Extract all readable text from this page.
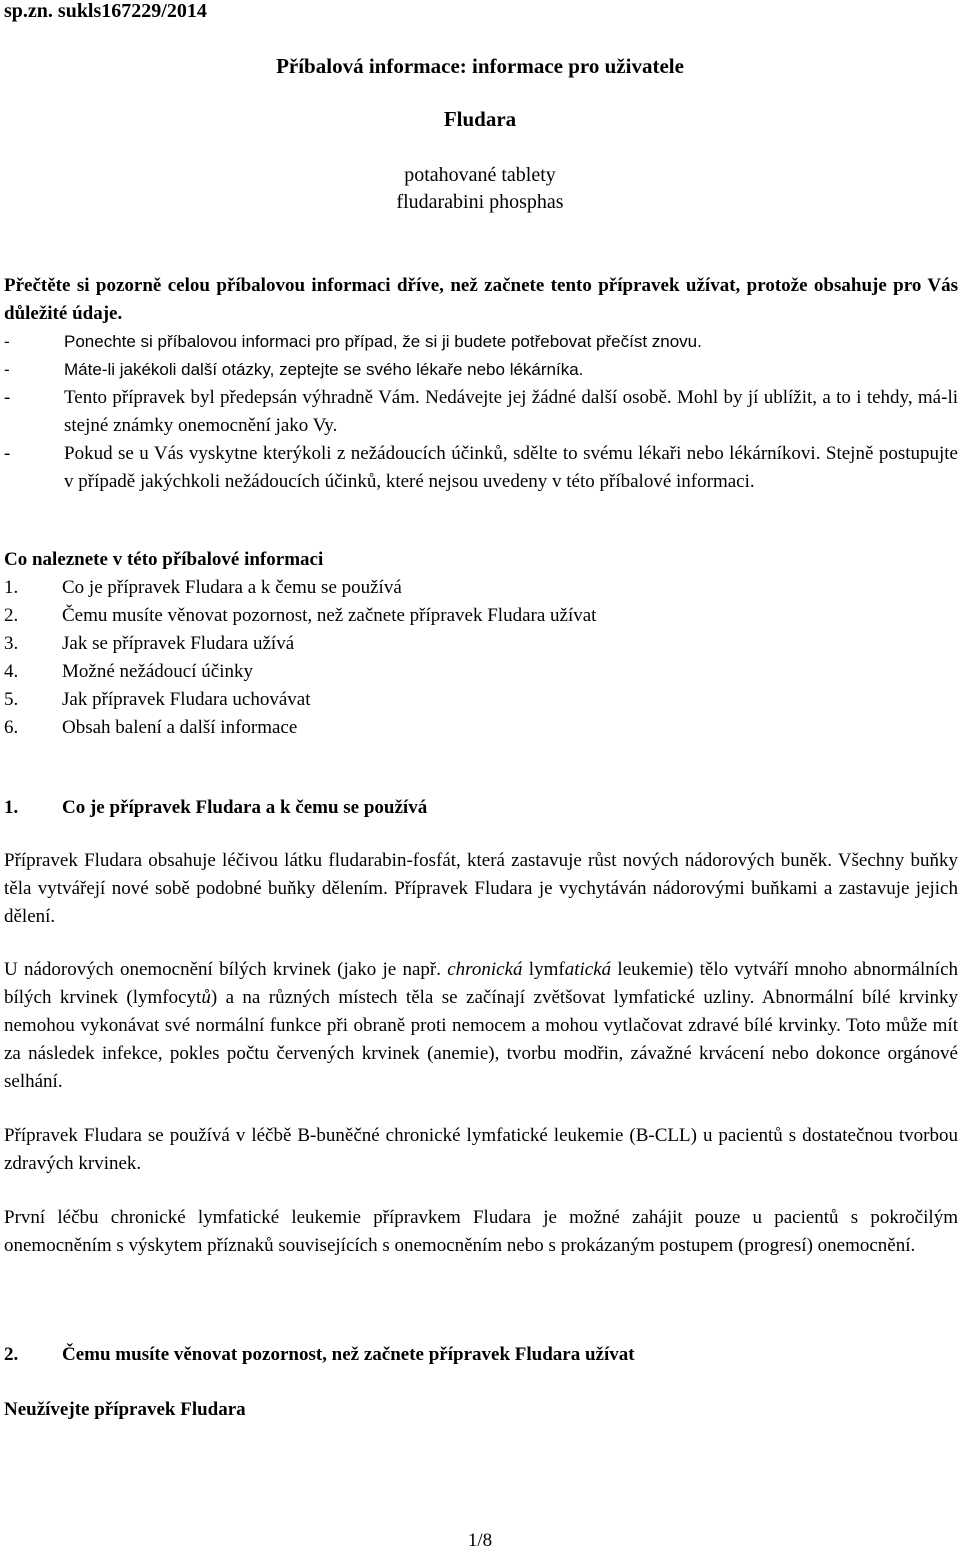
sp.zn. sukls167229/2014
Příbalová informace: informace pro uživatele
Fludara
potahované tablety
fludarabini phosphas
Přečtěte si pozorně celou příbalovou informaci dříve, než začnete tento přípravek užívat, protože obsahuje pro Vás důležité údaje.
- Ponechte si příbalovou informaci pro případ, že si ji budete potřebovat přečíst znovu.
- Máte-li jakékoli další otázky, zeptejte se svého lékaře nebo lékárníka.
- Tento přípravek byl předepsán výhradně Vám. Nedávejte jej žádné další osobě. Mohl by jí ublížit, a to i tehdy, má-li stejné známky onemocnění jako Vy.
- Pokud se u Vás vyskytne kterýkoli z nežádoucích účinků, sdělte to svému lékaři nebo lékárníkovi. Stejně postupujte v případě jakýchkoli nežádoucích účinků, které nejsou uvedeny v této příbalové informaci.
Co naleznete v této příbalové informaci
1.	Co je přípravek Fludara a k čemu se používá
2.	Čemu musíte věnovat pozornost, než začnete přípravek Fludara užívat
3.	Jak se přípravek Fludara užívá
4.	Možné nežádoucí účinky
5.	Jak přípravek Fludara uchovávat
6.	Obsah balení a další informace
1.	Co je přípravek Fludara a k čemu se používá
Přípravek Fludara obsahuje léčivou látku fludarabin-fosfát, která zastavuje růst nových nádorových buněk. Všechny buňky těla vytvářejí nové sobě podobné buňky dělením. Přípravek Fludara je vychytáván nádorovými buňkami a zastavuje jejich dělení.
U nádorových onemocnění bílých krvinek (jako je např. chronická lymfatická leukemie) tělo vytváří mnoho abnormálních bílých krvinek (lymfocytů) a na různých místech těla se začínají zvětšovat lymfatické uzliny. Abnormální bílé krvinky nemohou vykonávat své normální funkce při obraně proti nemocem a mohou vytlačovat zdravé bílé krvinky. Toto může mít za následek infekce, pokles počtu červených krvinek (anemie), tvorbu modřin, závažné krvácení nebo dokonce orgánové selhání.
Přípravek Fludara se používá v léčbě B-buněčné chronické lymfatické leukemie (B-CLL) u pacientů s dostatečnou tvorbou zdravých krvinek.
První léčbu chronické lymfatické leukemie přípravkem Fludara je možné zahájit pouze u pacientů s pokročilým onemocněním s výskytem příznaků souvisejících s onemocněním nebo s prokázaným postupem (progresí) onemocnění.
2.	Čemu musíte věnovat pozornost, než začnete přípravek Fludara užívat
Neužívejte přípravek Fludara
1/8
